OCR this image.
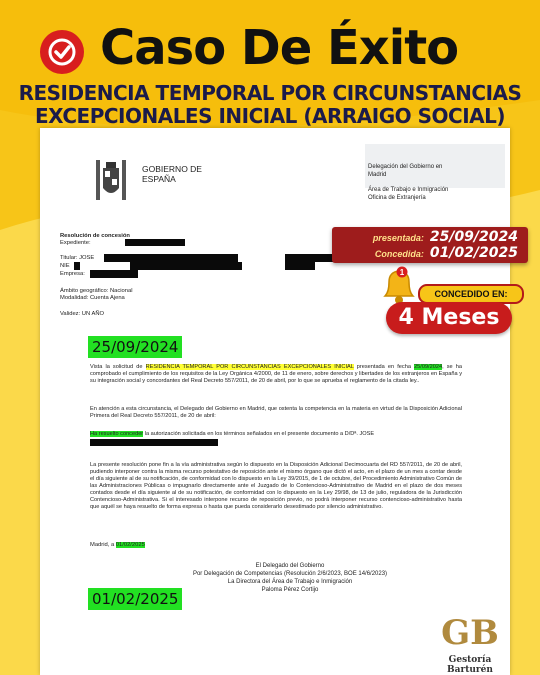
Caso De Éxito
RESIDENCIA TEMPORAL POR CIRCUNSTANCIAS
EXCEPCIONALES INICIAL (ARRAIGO SOCIAL)
GOBIERNO DE
ESPAÑA
Delegación del Gobierno en
Madrid
Área de Trabajo e Inmigración
Oficina de Extranjería
Resolución de concesión
Expediente:
Titular: JOSE
NIE
Empresa:
Ámbito geográfico: Nacional
Modalidad: Cuenta Ajena
Validez: UN AÑO
25/09/2024
Vista la solicitud de RESIDENCIA TEMPORAL POR CIRCUNSTANCIAS EXCEPCIONALES INICIAL presentada en fecha 25/09/2024, se ha comprobado el cumplimiento de los requisitos de la Ley Orgánica 4/2000, de 11 de enero, sobre derechos y libertades de los extranjeros en España y su integración social y concordantes del Real Decreto 557/2011, de 20 de abril, por lo que se aprueba el reglamento de la citada ley..
En atención a esta circunstancia, el Delegado del Gobierno en Madrid, que ostenta la competencia en la materia en virtud de la Disposición Adicional Primera del Real Decreto 557/2011, de 20 de abril:
Ha resuelto conceder la autorización solicitada en los términos señalados en el presente documento a D/Dª. JOSE
La presente resolución pone fin a la vía administrativa según lo dispuesto en la Disposición Adicional Decimocuarta del RD 557/2011, de 20 de abril, pudiendo interponer contra la misma recurso potestativo de reposición ante el mismo órgano que dictó el acto, en el plazo de un mes a contar desde el día siguiente al de su notificación, de conformidad con lo dispuesto en la Ley 39/2015, de 1 de octubre, del Procedimiento Administrativo Común de las Administraciones Públicas o impugnarlo directamente ante el Juzgado de lo Contencioso-Administrativo de Madrid en el plazo de dos meses contados desde el día siguiente al de su notificación, de conformidad con lo dispuesto en la Ley 29/98, de 13 de julio, reguladora de la Jurisdicción Contencioso-Administrativa. Si el interesado interpone recurso de reposición previo, no podrá interponer recurso contencioso-administrativo hasta que aquél se haya resuelto de forma expresa o hasta que pueda considerarlo desestimado por silencio administrativo.
Madrid, a 01/02/2025
El Delegado del Gobierno
Por Delegación de Competencias (Resolución 2/6/2023, BOE 14/6/2023)
La Directora del Área de Trabajo e Inmigración
Paloma Pérez Cortijo
01/02/2025
presentada: 25/09/2024
Concedida: 01/02/2025
1
CONCEDIDO EN:
4 Meses
GB
Gestoría Barturén
